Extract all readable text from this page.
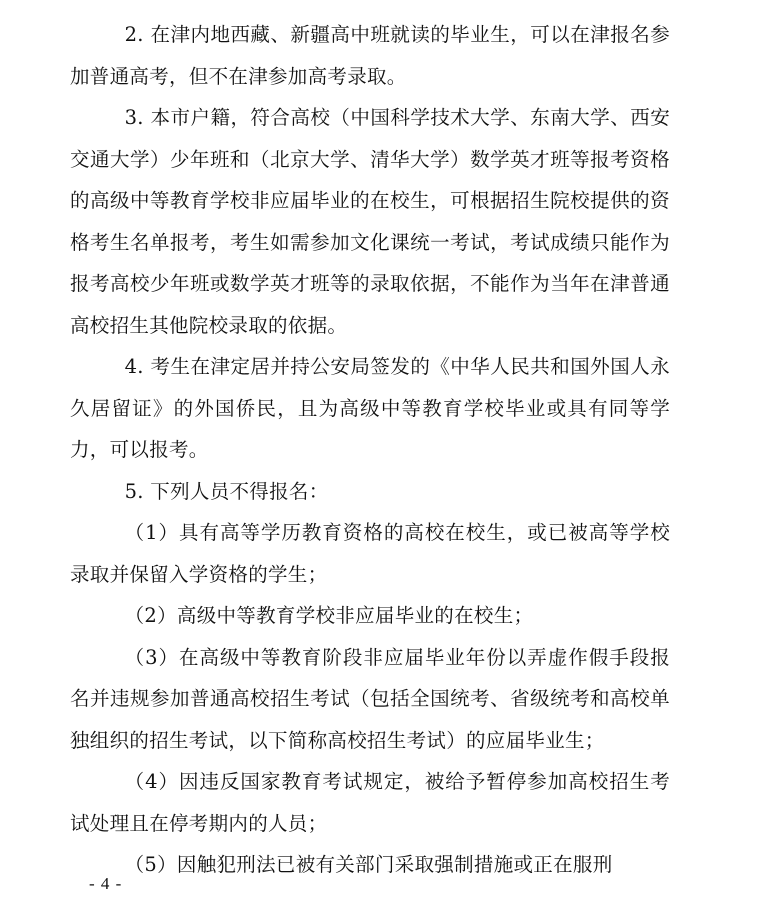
2. 在津内地西藏、新疆高中班就读的毕业生，可以在津报名参加普通高考，但不在津参加高考录取。

3. 本市户籍，符合高校（中国科学技术大学、东南大学、西安交通大学）少年班和（北京大学、清华大学）数学英才班等报考资格的高级中等教育学校非应届毕业的在校生，可根据招生院校提供的资格考生名单报考，考生如需参加文化课统一考试，考试成绩只能作为报考高校少年班或数学英才班等的录取依据，不能作为当年在津普通高校招生其他院校录取的依据。

4. 考生在津定居并持公安局签发的《中华人民共和国外国人永久居留证》的外国侨民，且为高级中等教育学校毕业或具有同等学力，可以报考。

5. 下列人员不得报名：

（1）具有高等学历教育资格的高校在校生，或已被高等学校录取并保留入学资格的学生；

（2）高级中等教育学校非应届毕业的在校生；

（3）在高级中等教育阶段非应届毕业年份以弄虚作假手段报名并违规参加普通高校招生考试（包括全国统考、省级统考和高校单独组织的招生考试，以下简称高校招生考试）的应届毕业生；

（4）因违反国家教育考试规定，被给予暂停参加高校招生考试处理且在停考期内的人员；

（5）因触犯刑法已被有关部门采取强制措施或正在服刑

- 4 -
